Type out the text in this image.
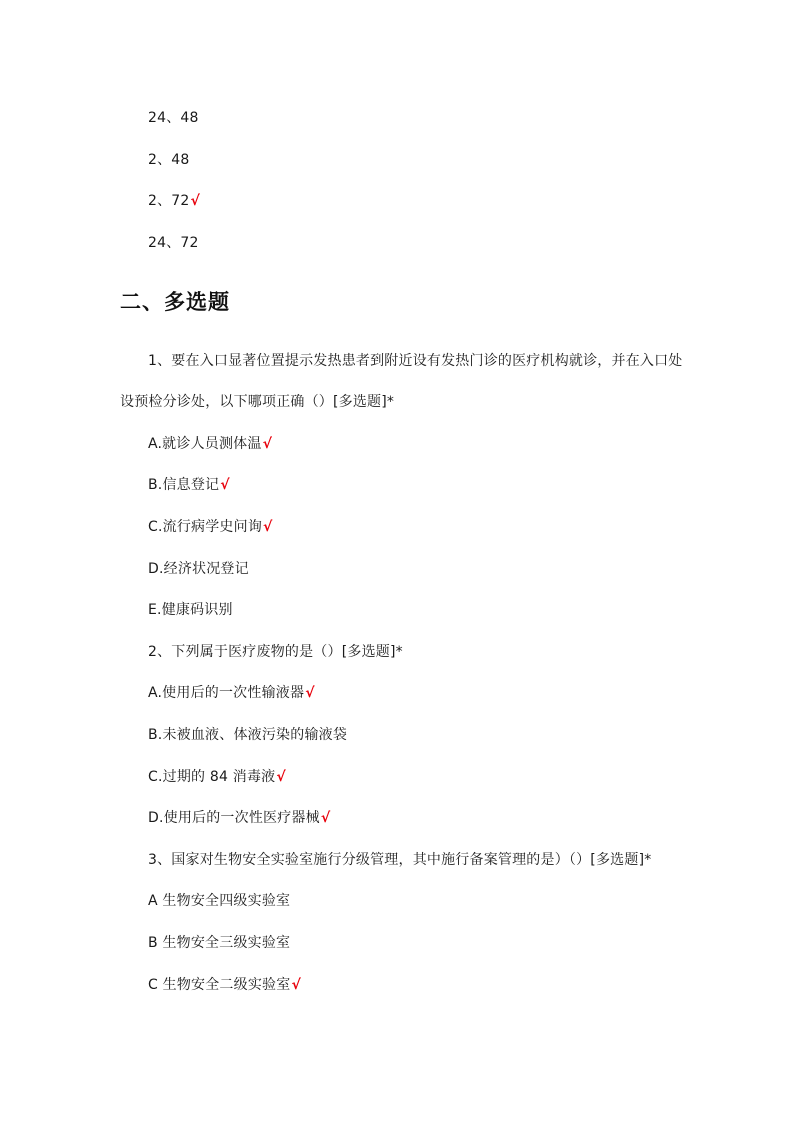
24、48
2、48
2、72√
24、72
二、多选题
1、要在入口显著位置提示发热患者到附近设有发热门诊的医疗机构就诊，并在入口处
设预检分诊处，以下哪项正确（）[多选题]*
A.就诊人员测体温√
B.信息登记√
C.流行病学史问询√
D.经济状况登记
E.健康码识别
2、下列属于医疗废物的是（）[多选题]*
A.使用后的一次性输液器√
B.未被血液、体液污染的输液袋
C.过期的 84 消毒液√
D.使用后的一次性医疗器械√
3、国家对生物安全实验室施行分级管理，其中施行备案管理的是）（）[多选题]*
A 生物安全四级实验室
B 生物安全三级实验室
C 生物安全二级实验室√
